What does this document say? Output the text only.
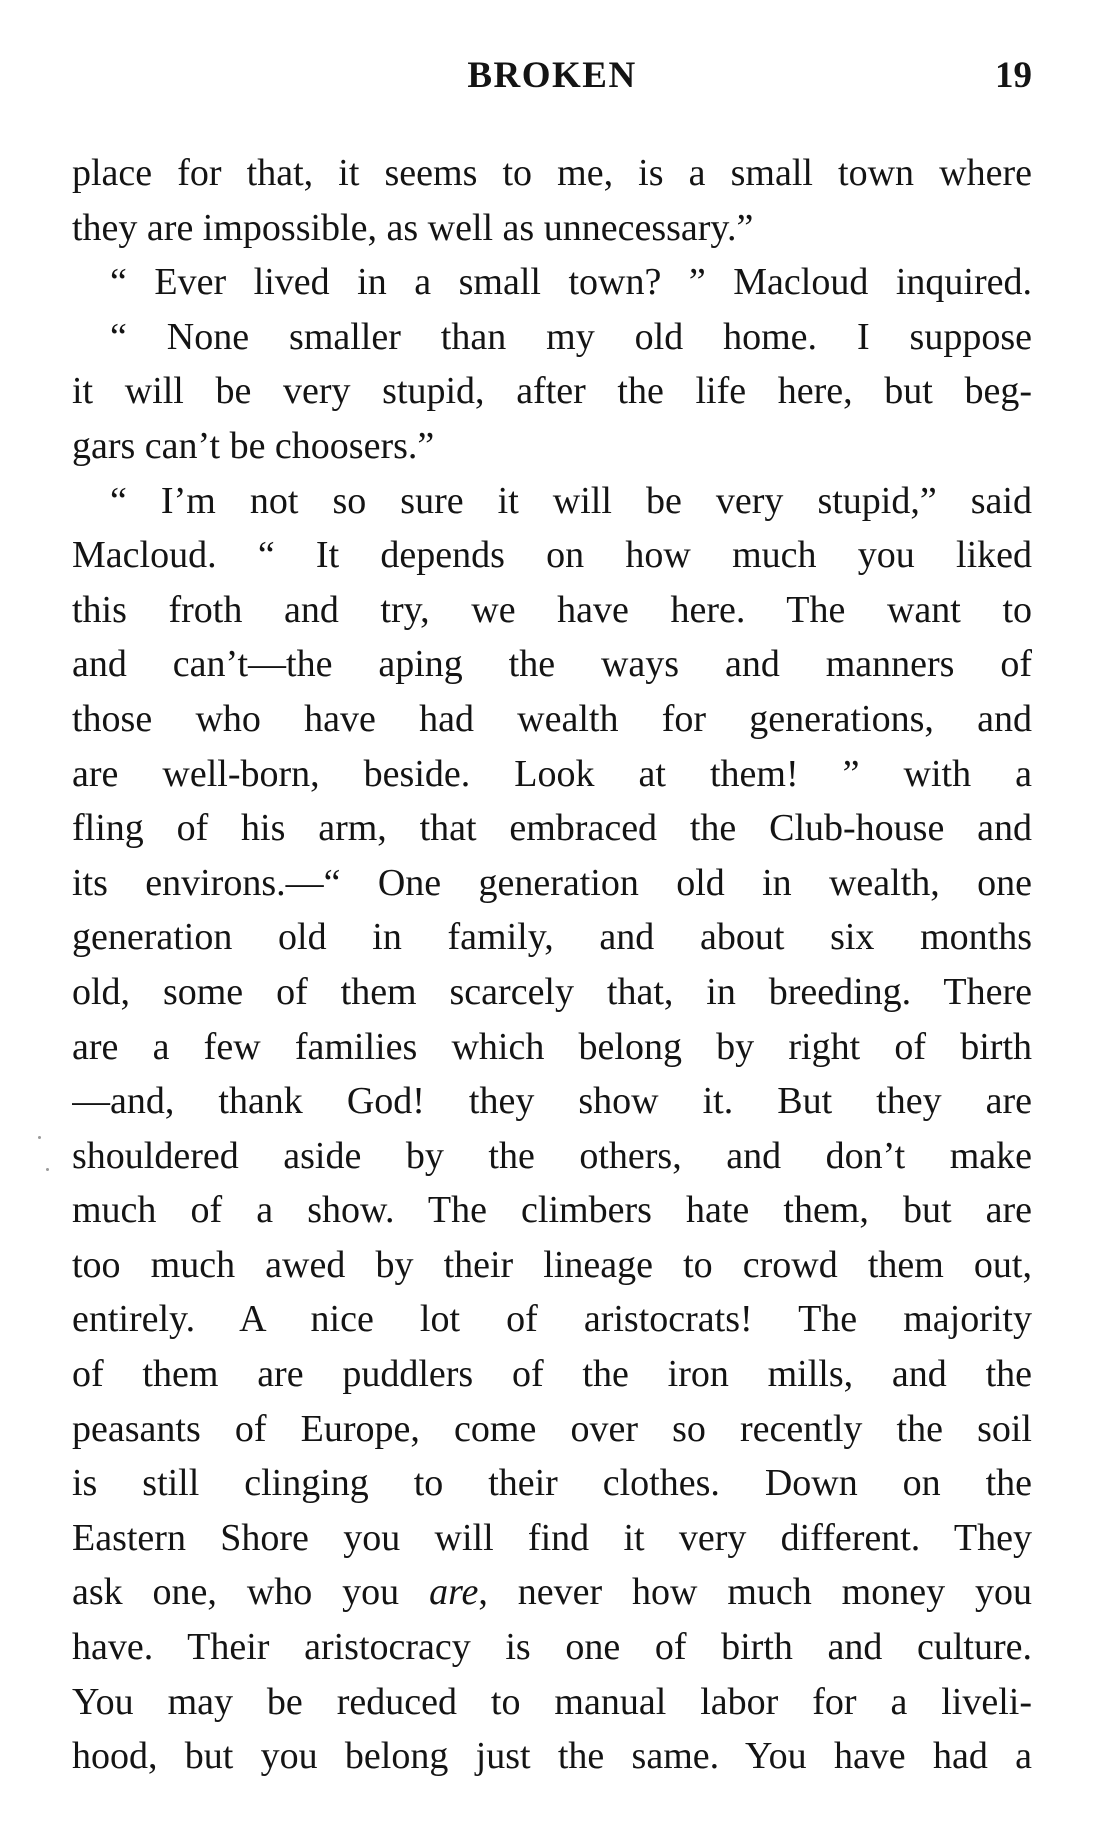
BROKEN	19
place for that, it seems to me, is a small town where
they are impossible, as well as unnecessary.”
“ Ever lived in a small town? ” Macloud inquired.
“ None smaller than my old home. I suppose
it will be very stupid, after the life here, but beg-
gars can’t be choosers.”
“ I’m not so sure it will be very stupid,” said
Macloud. “ It depends on how much you liked
this froth and try, we have here. The want to
and can’t—the aping the ways and manners of
those who have had wealth for generations, and
are well-born, beside. Look at them! ” with a
fling of his arm, that embraced the Club-house and
its environs.—“ One generation old in wealth, one
generation old in family, and about six months
old, some of them scarcely that, in breeding. There
are a few families which belong by right of birth
—and, thank God! they show it. But they are
shouldered aside by the others, and don’t make
much of a show. The climbers hate them, but are
too much awed by their lineage to crowd them out,
entirely. A nice lot of aristocrats! The majority
of them are puddlers of the iron mills, and the
peasants of Europe, come over so recently the soil
is still clinging to their clothes. Down on the
Eastern Shore you will find it very different. They
ask one, who you are, never how much money you
have. Their aristocracy is one of birth and culture.
You may be reduced to manual labor for a liveli-
hood, but you belong just the same. You have had a
